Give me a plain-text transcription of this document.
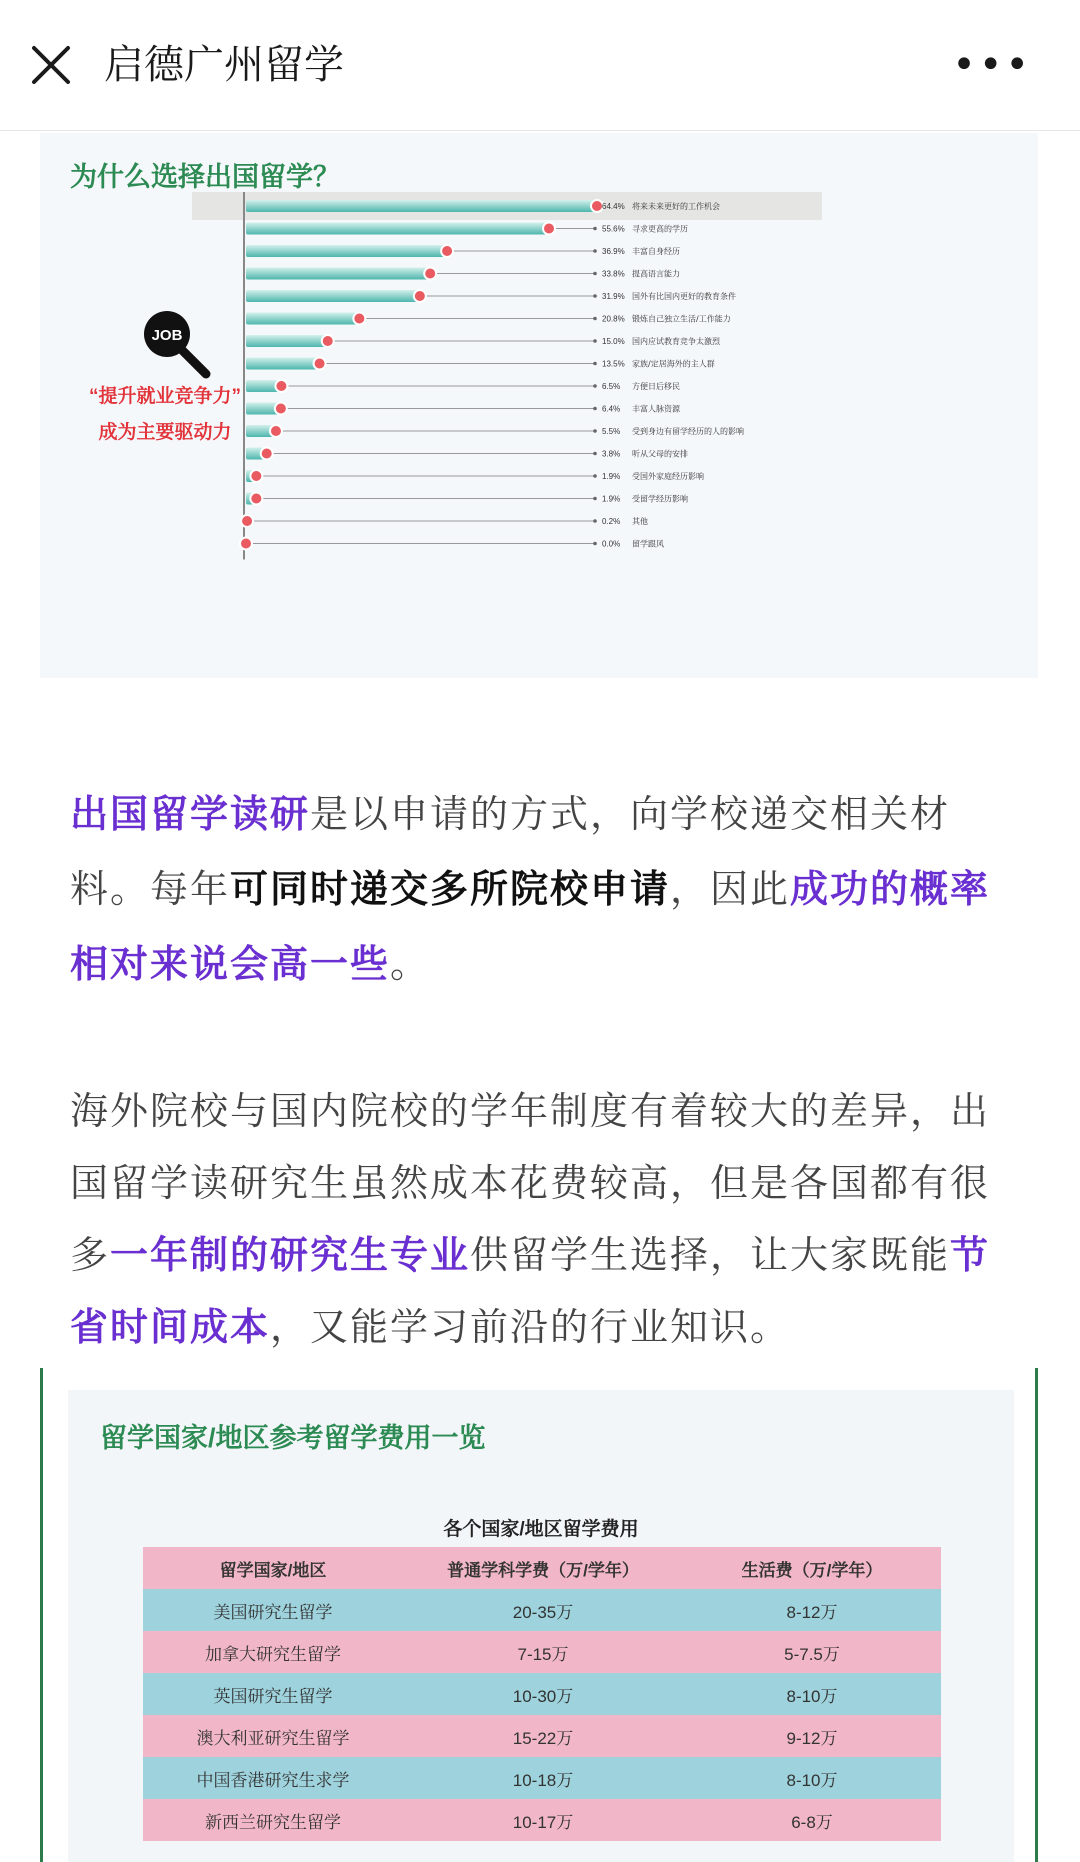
启德广州留学	•••
为什么选择出国留学？
JOB
64.4% 将来未来更好的工作机会
55.6% 寻求更高的学历
36.9% 丰富自身经历
33.8% 提高语言能力
31.9% 国外有比国内更好的教育条件
20.8% 锻炼自己独立生活/工作能力
15.0% 国内应试教育竞争太激烈
13.5% 家族/定居海外的主人群
6.5% 方便日后移民
6.4% 丰富人脉资源
5.5% 受到身边有留学经历的人的影响
3.8% 听从父母的安排
1.9% 受国外家庭经历影响
1.9% 受留学经历影响
0.2% 其他
0.0% 留学跟风
“提升就业竞争力”
成为主要驱动力

出国留学读研是以申请的方式，向学校递交相关材料。每年可同时递交多所院校申请，因此成功的概率相对来说会高一些。

海外院校与国内院校的学年制度有着较大的差异，出国留学读研究生虽然成本花费较高，但是各国都有很多一年制的研究生专业供留学生选择，让大家既能节省时间成本，又能学习前沿的行业知识。

留学国家/地区参考留学费用一览
各个国家/地区留学费用
留学国家/地区	普通学科学费（万/学年）	生活费（万/学年）
美国研究生留学	20-35万	8-12万
加拿大研究生留学	7-15万	5-7.5万
英国研究生留学	10-30万	8-10万
澳大利亚研究生留学	15-22万	9-12万
中国香港研究生求学	10-18万	8-10万
新西兰研究生留学	10-17万	6-8万
